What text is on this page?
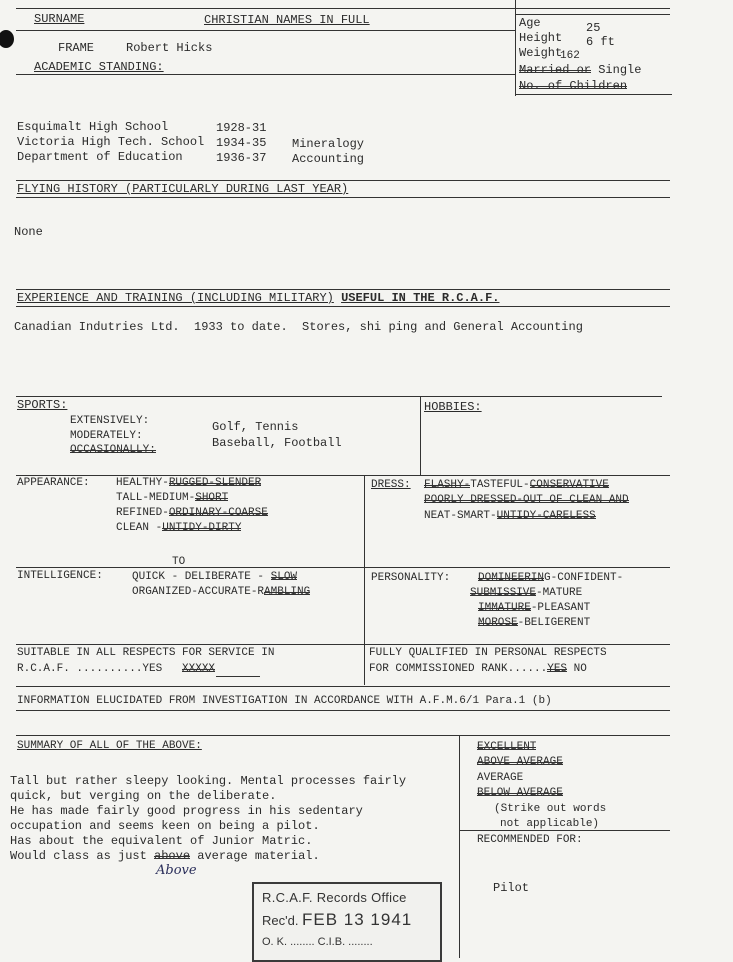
SURNAME	CHRISTIAN NAMES IN FULL
FRAME	Robert Hicks
ACADEMIC STANDING:
Age	25
Height 6 ft
Weight
162
Married or Single
No. of Children
Esquimalt High School	1928-31
Victoria High Tech. School 1934-35 Mineralogy
Department of Education	1936-37 Accounting
FLYING HISTORY (PARTICULARLY DURING LAST YEAR)
None
EXPERIENCE AND TRAINING (INCLUDING MILITARY) USEFUL IN THE R.C.A.F.
Canadian Indutries Ltd.  1933 to date.  Stores, shi ping and General Accounting
SPORTS:	HOBBIES:
EXTENSIVELY:	Golf, Tennis
MODERATELY:	Baseball, Football
OCCASIONALLY:
APPEARANCE: HEALTHY-RUGGED-SLENDER
TALL-MEDIUM-SHORT
REFINED-ORDINARY-COARSE
CLEAN -UNTIDY-DIRTY
TO
DRESS: FLASHY-TASTEFUL-CONSERVATIVE
POORLY DRESSED-OUT OF CLEAN AND
NEAT-SMART-UNTIDY-CARELESS
INTELLIGENCE:	QUICK - DELIBERATE - SLOW
ORGANIZED-ACCURATE-RAMBLING
PERSONALITY:	DOMINEERING-CONFIDENT-
SUBMISSIVE-MATURE
IMMATURE-PLEASANT
MOROSE-BELIGERENT
SUITABLE IN ALL RESPECTS FOR SERVICE IN
R.C.A.F. ..........YES   XXXXX
FULLY QUALIFIED IN PERSONAL RESPECTS
FOR COMMISSIONED RANK......YES NO
INFORMATION ELUCIDATED FROM INVESTIGATION IN ACCORDANCE WITH A.F.M.6/1 Para.1 (b)
SUMMARY OF ALL OF THE ABOVE:
Tall but rather sleepy looking. Mental processes fairly
quick, but verging on the deliberate.
He has made fairly good progress in his sedentary
occupation and seems keen on being a pilot.
Has about the equivalent of Junior Matric.
Would class as just above average material.
Above
EXCELLENT
ABOVE AVERAGE
AVERAGE
BELOW AVERAGE
(Strike out words
not applicable)
RECOMMENDED FOR:
Pilot
R.C.A.F. Records Office
Rec'd. FEB 13 1941
O. K. ........ C.I.B. ........
